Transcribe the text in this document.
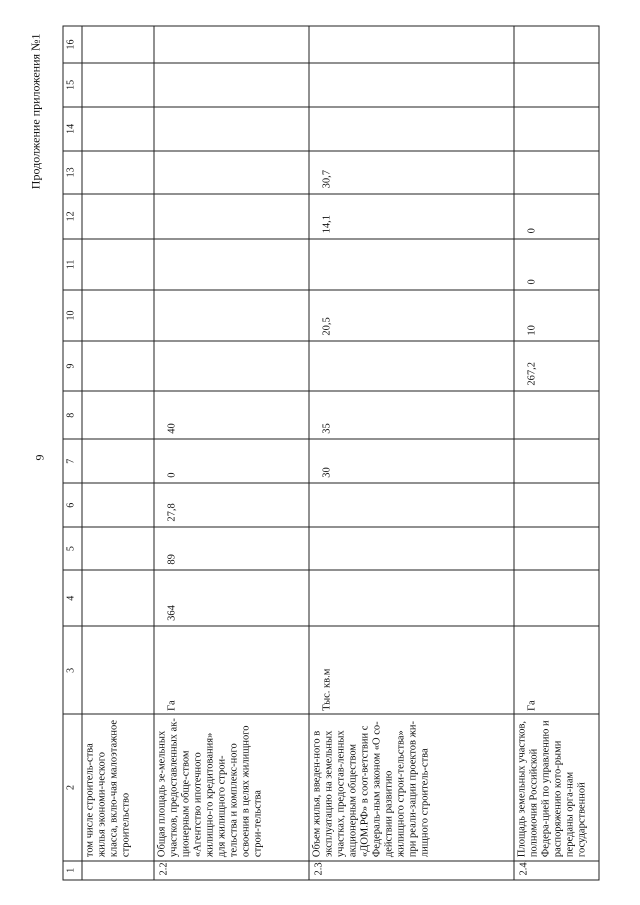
9
Продолжение приложения №1
1	2	3	4	5	6	7	8	9	10	11	12	13	14	15	16
	том числе строитель-ства жилья экономи-ческого класса, вклю-чая малоэтажное строительство														
2.2.	Общая площадь зе-мельных участков, предоставленных ак-ционерным обще-ством «Агентство ипотечного жилищно-го кредитования» для жилищного строи-тельства и комплекс-ного освоения в целях жилищного строи-тельства	Га	364	89	27,8	0	40								
2.3.	Объем жилья, введен-ного в эксплуатацию на земельных участках, предостав-ленных акционерным обществом «ДОМ.РФ» в соот-ветствии с Федераль-ным законом «О со-действии развитию жилищного строи-тельства» при реали-зации проектов жи-лищного строитель-ства	Тыс. кв.м				30	35		20,5		14,1	30,7			
2.4.	Площадь земельных участков, полномочия Российской Федера-цией по управлению и распоряжению кото-рыми переданы орга-нам государственной	Га						267,2	10	0	0				
